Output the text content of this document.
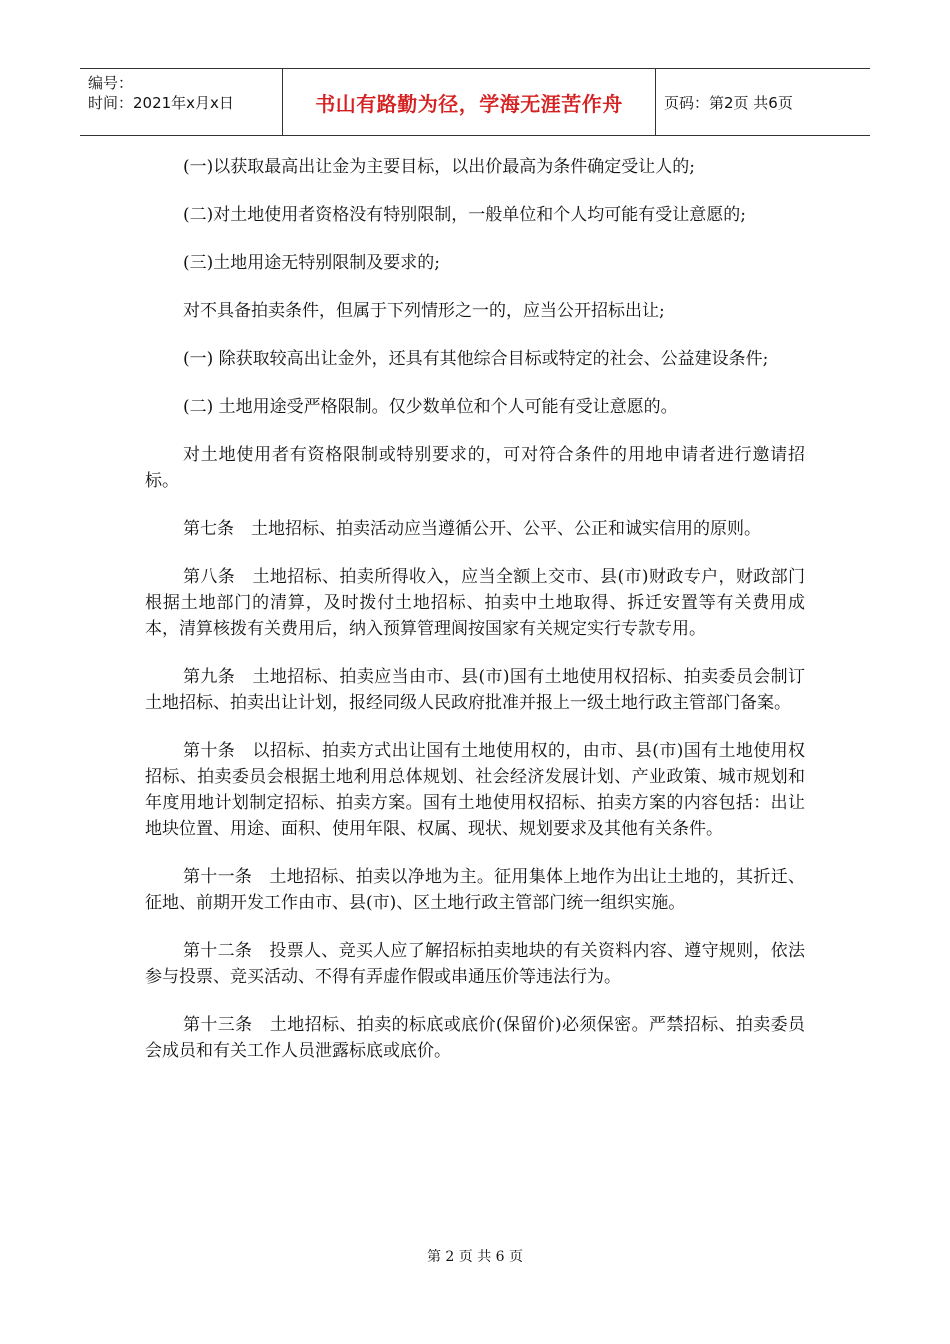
编号：
时间：2021年x月x日	书山有路勤为径，学海无涯苦作舟	页码：第2页 共6页

(一)以获取最高出让金为主要目标，以出价最高为条件确定受让人的;

(二)对土地使用者资格没有特别限制，一般单位和个人均可能有受让意愿的;

(三)土地用途无特别限制及要求的;

对不具备拍卖条件，但属于下列情形之一的，应当公开招标出让;

(一) 除获取较高出让金外，还具有其他综合目标或特定的社会、公益建设条件;

(二) 土地用途受严格限制。仅少数单位和个人可能有受让意愿的。

对土地使用者有资格限制或特别要求的，可对符合条件的用地申请者进行邀请招标。

第七条　土地招标、拍卖活动应当遵循公开、公平、公正和诚实信用的原则。

第八条　土地招标、拍卖所得收入，应当全额上交市、县(市)财政专户，财政部门根据土地部门的清算，及时拨付土地招标、拍卖中土地取得、拆迁安置等有关费用成本，清算核拨有关费用后，纳入预算管理阆按国家有关规定实行专款专用。

第九条　土地招标、拍卖应当由市、县(市)国有土地使用权招标、拍卖委员会制订土地招标、拍卖出让计划，报经同级人民政府批准并报上一级土地行政主管部门备案。

第十条　以招标、拍卖方式出让国有土地使用权的，由市、县(市)国有土地使用权招标、拍卖委员会根据土地利用总体规划、社会经济发展计划、产业政策、城市规划和年度用地计划制定招标、拍卖方案。国有土地使用权招标、拍卖方案的内容包括：出让地块位置、用途、面积、使用年限、权属、现状、规划要求及其他有关条件。

第十一条　土地招标、拍卖以净地为主。征用集体上地作为出让土地的，其折迁、征地、前期开发工作由市、县(市)、区土地行政主管部门统一组织实施。

第十二条　投票人、竞买人应了解招标拍卖地块的有关资料内容、遵守规则，依法参与投票、竞买活动、不得有弄虚作假或串通压价等违法行为。

第十三条　土地招标、拍卖的标底或底价(保留价)必须保密。严禁招标、拍卖委员会成员和有关工作人员泄露标底或底价。

第 2 页 共 6 页
